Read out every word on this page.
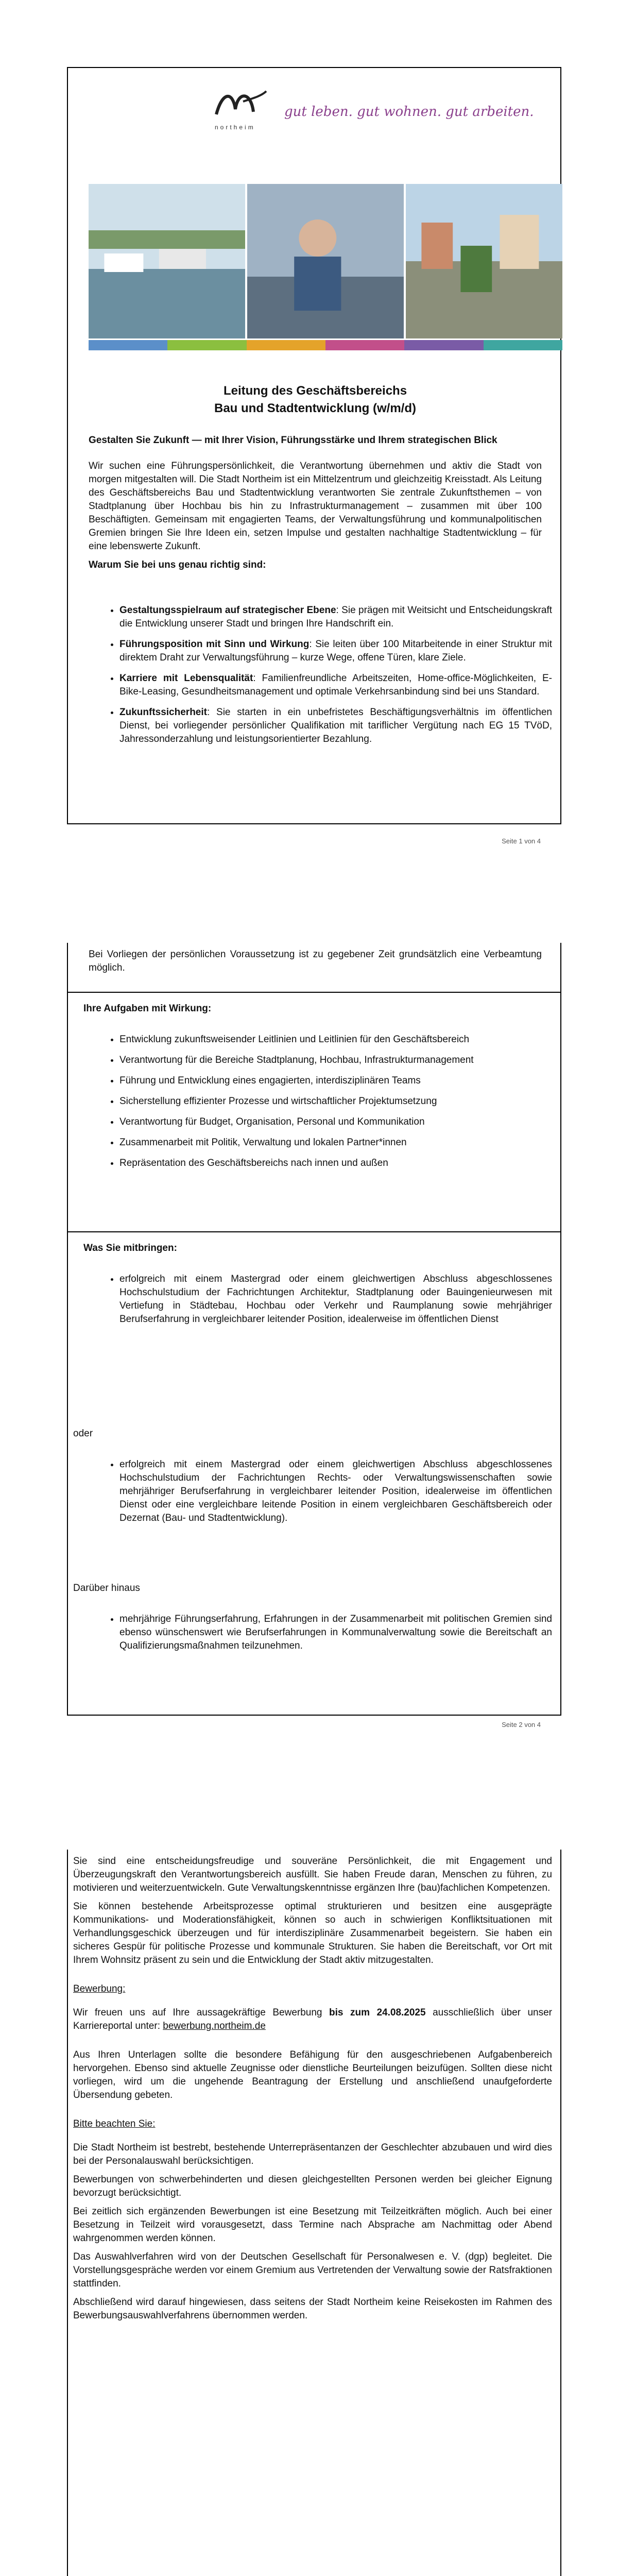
northeim
gut leben. gut wohnen. gut arbeiten.
Leitung des Geschäftsbereichs
Bau und Stadtentwicklung (w/m/d)

Gestalten Sie Zukunft — mit Ihrer Vision, Führungsstärke und Ihrem strategischen Blick

Wir suchen eine Führungspersönlichkeit, die Verantwortung übernehmen und aktiv die Stadt von morgen mitgestalten will. Die Stadt Northeim ist ein Mittelzentrum und gleichzeitig Kreisstadt. Als Leitung des Geschäftsbereichs Bau und Stadtentwicklung verantworten Sie zentrale Zukunftsthemen – von Stadtplanung über Hochbau bis hin zu Infrastrukturmanagement – zusammen mit über 100 Beschäftigten. Gemeinsam mit engagierten Teams, der Verwaltungsführung und kommunalpolitischen Gremien bringen Sie Ihre Ideen ein, setzen Impulse und gestalten nachhaltige Stadtentwicklung – für eine lebenswerte Zukunft.

Warum Sie bei uns genau richtig sind:

• Gestaltungsspielraum auf strategischer Ebene: Sie prägen mit Weitsicht und Entscheidungskraft die Entwicklung unserer Stadt und bringen Ihre Handschrift ein.
• Führungsposition mit Sinn und Wirkung: Sie leiten über 100 Mitarbeitende in einer Struktur mit direktem Draht zur Verwaltungsführung – kurze Wege, offene Türen, klare Ziele.
• Karriere mit Lebensqualität: Familienfreundliche Arbeitszeiten, Home-office-Möglichkeiten, E-Bike-Leasing, Gesundheitsmanagement und optimale Verkehrsanbindung sind bei uns Standard.
• Zukunftssicherheit: Sie starten in ein unbefristetes Beschäftigungsverhältnis im öffentlichen Dienst, bei vorliegender persönlicher Qualifikation mit tariflicher Vergütung nach EG 15 TVöD, Jahressonderzahlung und leistungsorientierter Bezahlung.
Seite 1 von 4

Bei Vorliegen der persönlichen Voraussetzung ist zu gegebener Zeit grundsätzlich eine Verbeamtung möglich.

Ihre Aufgaben mit Wirkung:

• Entwicklung zukunftsweisender Leitlinien und Leitlinien für den Geschäftsbereich
• Verantwortung für die Bereiche Stadtplanung, Hochbau, Infrastrukturmanagement
• Führung und Entwicklung eines engagierten, interdisziplinären Teams
• Sicherstellung effizienter Prozesse und wirtschaftlicher Projektumsetzung
• Verantwortung für Budget, Organisation, Personal und Kommunikation
• Zusammenarbeit mit Politik, Verwaltung und lokalen Partner*innen
• Repräsentation des Geschäftsbereichs nach innen und außen

Was Sie mitbringen:

• erfolgreich mit einem Mastergrad oder einem gleichwertigen Abschluss abgeschlossenes Hochschulstudium der Fachrichtungen Architektur, Stadtplanung oder Bauingenieurwesen mit Vertiefung in Städtebau, Hochbau oder Verkehr und Raumplanung sowie mehrjähriger Berufserfahrung in vergleichbarer leitender Position, idealerweise im öffentlichen Dienst
oder
• erfolgreich mit einem Mastergrad oder einem gleichwertigen Abschluss abgeschlossenes Hochschulstudium der Fachrichtungen Rechts- oder Verwaltungswissenschaften sowie mehrjähriger Berufserfahrung in vergleichbarer leitender Position, idealerweise im öffentlichen Dienst oder eine vergleichbare leitende Position in einem vergleichbaren Geschäftsbereich oder Dezernat (Bau- und Stadtentwicklung).
Darüber hinaus
• mehrjährige Führungserfahrung, Erfahrungen in der Zusammenarbeit mit politischen Gremien sind ebenso wünschenswert wie Berufserfahrungen in Kommunalverwaltung sowie die Bereitschaft an Qualifizierungsmaßnahmen teilzunehmen.
Seite 2 von 4

Sie sind eine entscheidungsfreudige und souveräne Persönlichkeit, die mit Engagement und Überzeugungskraft den Verantwortungsbereich ausfüllt. Sie haben Freude daran, Menschen zu führen, zu motivieren und weiterzuentwickeln. Gute Verwaltungskenntnisse ergänzen Ihre (bau)fachlichen Kompetenzen.

Sie können bestehende Arbeitsprozesse optimal strukturieren und besitzen eine ausgeprägte Kommunikations- und Moderationsfähigkeit, können so auch in schwierigen Konfliktsituationen mit Verhandlungsgeschick überzeugen und für interdisziplinäre Zusammenarbeit begeistern. Sie haben ein sicheres Gespür für politische Prozesse und kommunale Strukturen. Sie haben die Bereitschaft, vor Ort mit Ihrem Wohnsitz präsent zu sein und die Entwicklung der Stadt aktiv mitzugestalten.

Bewerbung:

Wir freuen uns auf Ihre aussagekräftige Bewerbung bis zum 24.08.2025 ausschließlich über unser Karriereportal unter: bewerbung.northeim.de

Aus Ihren Unterlagen sollte die besondere Befähigung für den ausgeschriebenen Aufgabenbereich hervorgehen. Ebenso sind aktuelle Zeugnisse oder dienstliche Beurteilungen beizufügen. Sollten diese nicht vorliegen, wird um die ungehende Beantragung der Erstellung und anschließend unaufgeforderte Übersendung gebeten.

Bitte beachten Sie:

Die Stadt Northeim ist bestrebt, bestehende Unterrepräsentanzen der Geschlechter abzubauen und wird dies bei der Personalauswahl berücksichtigen.

Bewerbungen von schwerbehinderten und diesen gleichgestellten Personen werden bei gleicher Eignung bevorzugt berücksichtigt.

Bei zeitlich sich ergänzenden Bewerbungen ist eine Besetzung mit Teilzeitkräften möglich. Auch bei einer Besetzung in Teilzeit wird vorausgesetzt, dass Termine nach Absprache am Nachmittag oder Abend wahrgenommen werden können.

Das Auswahlverfahren wird von der Deutschen Gesellschaft für Personalwesen e. V. (dgp) begleitet. Die Vorstellungsgespräche werden vor einem Gremium aus Vertretenden der Verwaltung sowie der Ratsfraktionen stattfinden.

Abschließend wird darauf hingewiesen, dass seitens der Stadt Northeim keine Reisekosten im Rahmen des Bewerbungsauswahlverfahrens übernommen werden.
